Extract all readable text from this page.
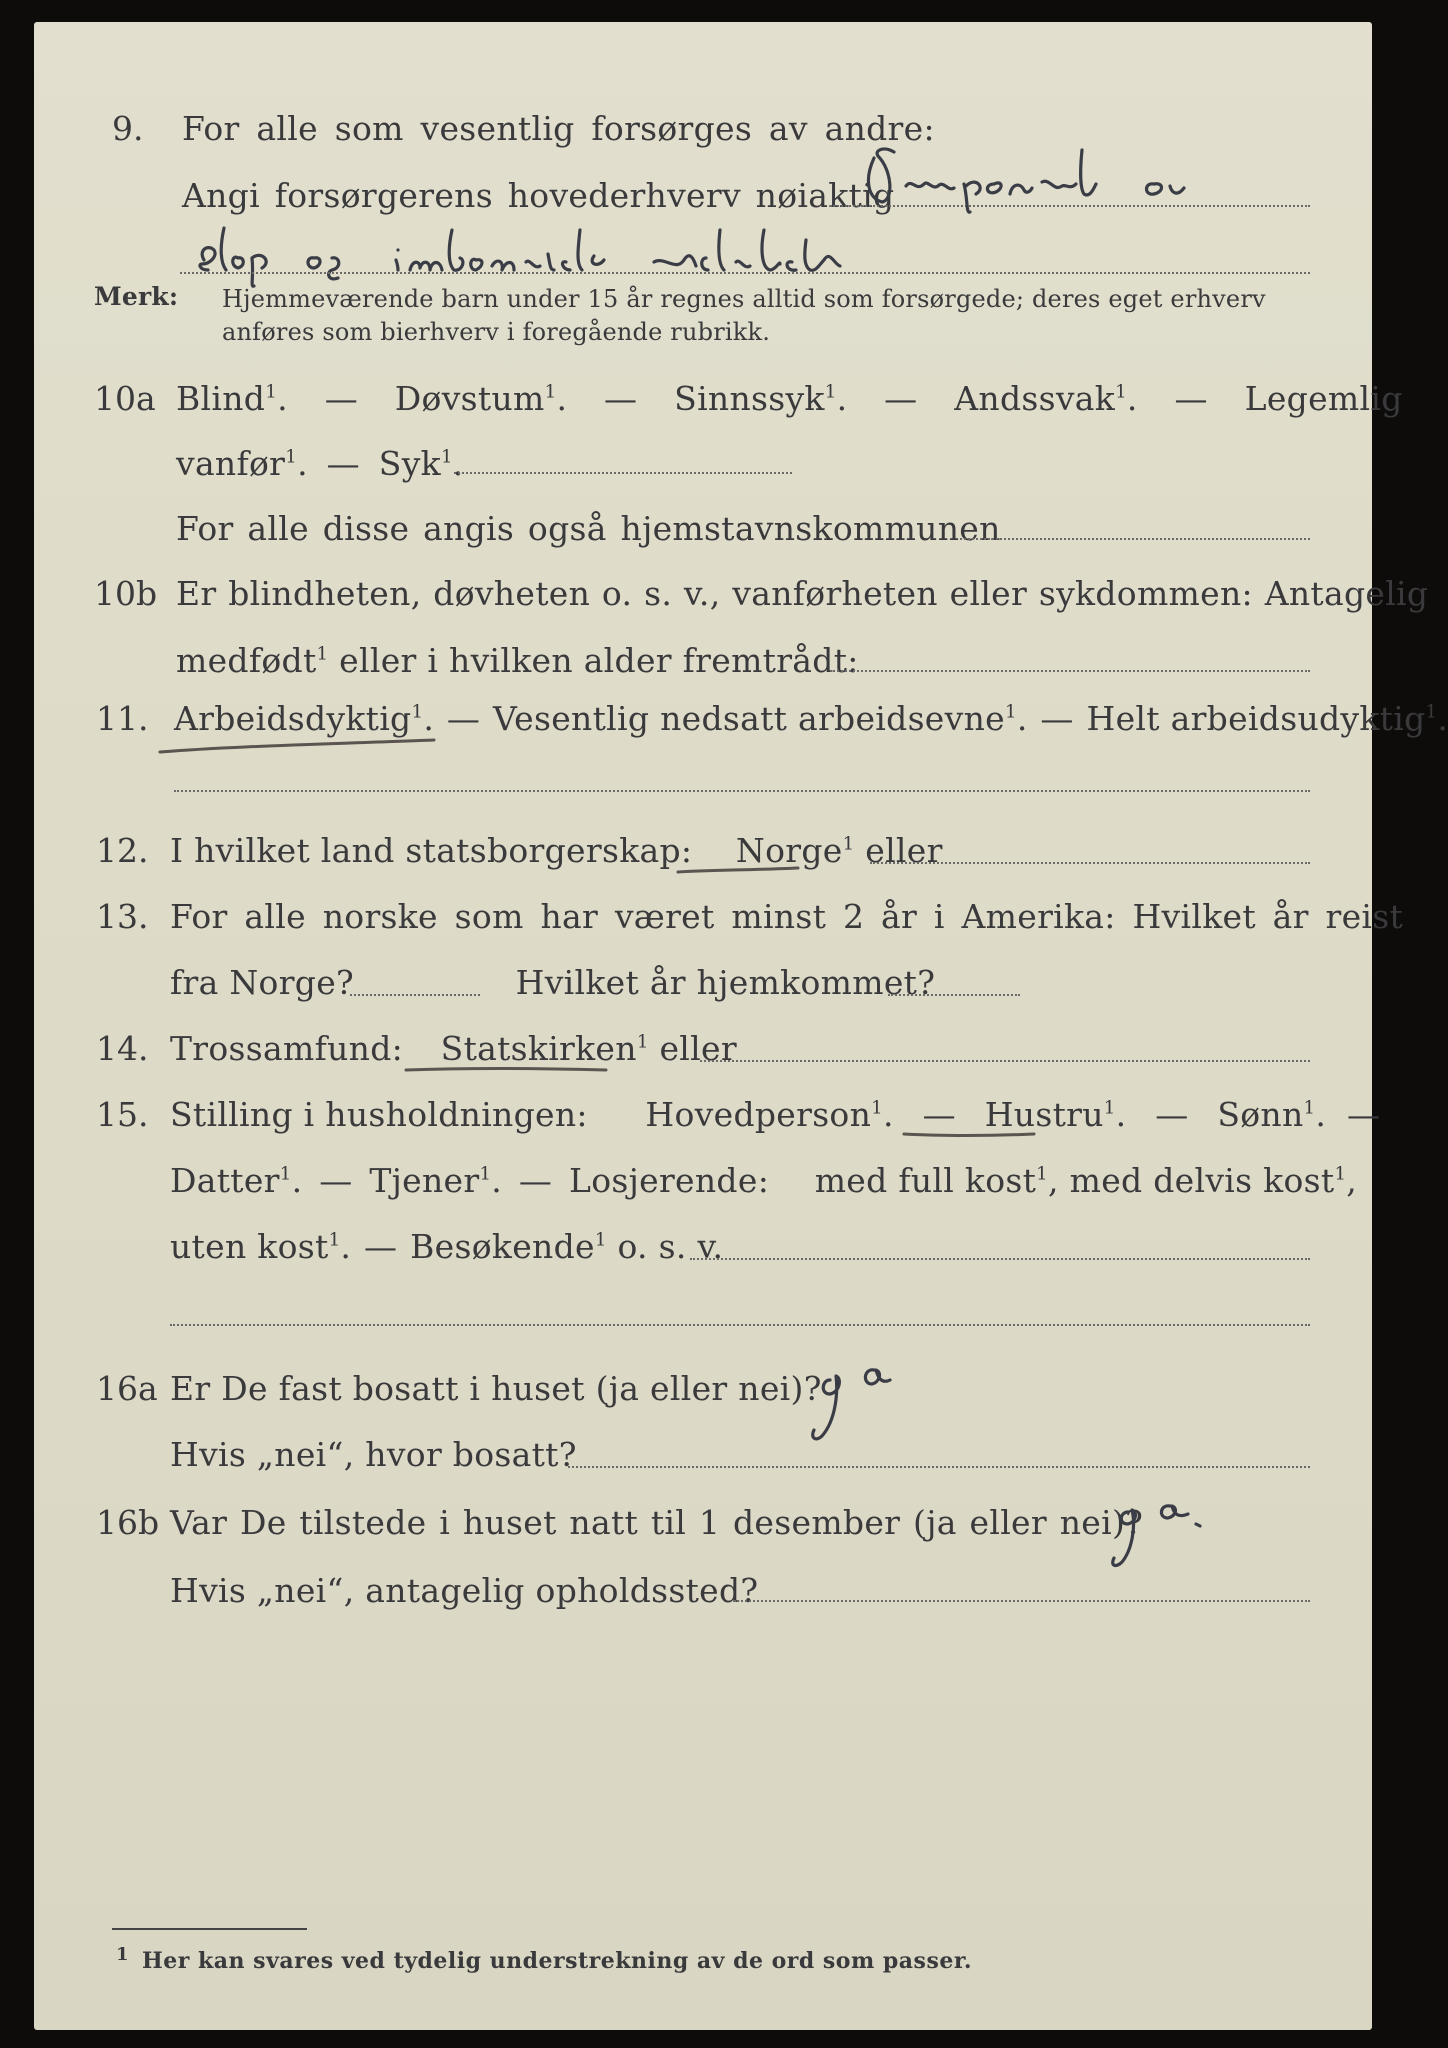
9. For alle som vesentlig forsørges av andre:
Angi forsørgerens hovederhverv nøiaktig
Merk: Hjemmeværende barn under 15 år regnes alltid som forsørgede; deres eget erhverv
anføres som bierhverv i foregående rubrikk.
10a Blind$^1$. — Døvstum$^1$. — Sinnssyk$^1$. — Andssvak$^1$. — Legemlig
vanfør$^1$. — Syk$^1$.
For alle disse angis også hjemstavnskommunen
10b Er blindheten, døvheten o. s. v., vanførheten eller sykdommen: Antagelig
medfødt$^1$ eller i hvilken alder fremtrådt:
11. Arbeidsdyktig$^1$. — Vesentlig nedsatt arbeidsevne$^1$. — Helt arbeidsudyktig$^1$.
12. I hvilket land statsborgerskap: Norge$^1$ eller
13. For alle norske som har været minst 2 år i Amerika: Hvilket år reist
fra Norge?	Hvilket år hjemkommet?
14. Trossamfund: Statskirken$^1$ eller
15. Stilling i husholdningen: Hovedperson$^1$. — Hustru$^1$. — Sønn$^1$. —
Datter$^1$. — Tjener$^1$. — Losjerende: med full kost$^1$, med delvis kost$^1$,
uten kost$^1$. — Besøkende$^1$ o. s. v.
16a Er De fast bosatt i huset (ja eller nei)?
Hvis „nei“, hvor bosatt?
16b Var De tilstede i huset natt til 1 desember (ja eller nei)?
Hvis „nei“, antagelig opholdssted?
1 Her kan svares ved tydelig understrekning av de ord som passer.
